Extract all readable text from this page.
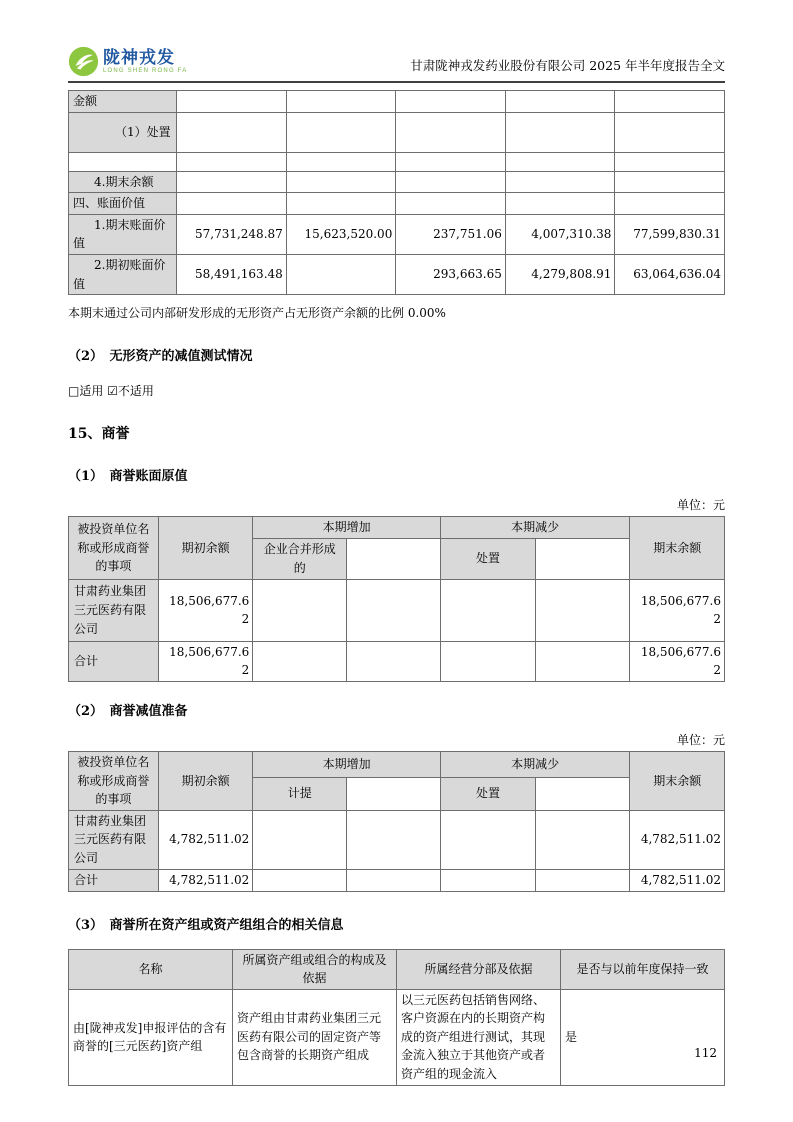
陇神戎发
LONG SHEN RONG FA	甘肃陇神戎发药业股份有限公司 2025 年半年度报告全文
金额					
（1）处置					

4.期末余额					
四、账面价值					
1.期末账面价值	57,731,248.87	15,623,520.00	237,751.06	4,007,310.38	77,599,830.31
2.期初账面价值	58,491,163.48		293,663.65	4,279,808.91	63,064,636.04
本期末通过公司内部研发形成的无形资产占无形资产余额的比例 0.00%
（2）　无形资产的减值测试情况
□适用 ☑不适用
15、商誉
（1）　商誉账面原值
单位：元
被投资单位名称或形成商誉的事项	期初余额	本期增加		本期减少		期末余额
		企业合并形成的		处置		
甘肃药业集团三元医药有限公司	18,506,677.62					18,506,677.62
合计	18,506,677.62					18,506,677.62
（2）　商誉减值准备
单位：元
被投资单位名称或形成商誉的事项	期初余额	本期增加		本期减少		期末余额
		计提		处置		
甘肃药业集团三元医药有限公司	4,782,511.02					4,782,511.02
合计	4,782,511.02					4,782,511.02
（3）　商誉所在资产组或资产组组合的相关信息
名称	所属资产组或组合的构成及依据	所属经营分部及依据	是否与以前年度保持一致
由[陇神戎发]申报评估的含有商誉的[三元医药]资产组	资产组由甘肃药业集团三元医药有限公司的固定资产等包含商誉的长期资产组成	以三元医药包括销售网络、客户资源在内的长期资产构成的资产组进行测试，其现金流入独立于其他资产或者资产组的现金流入	是
112
